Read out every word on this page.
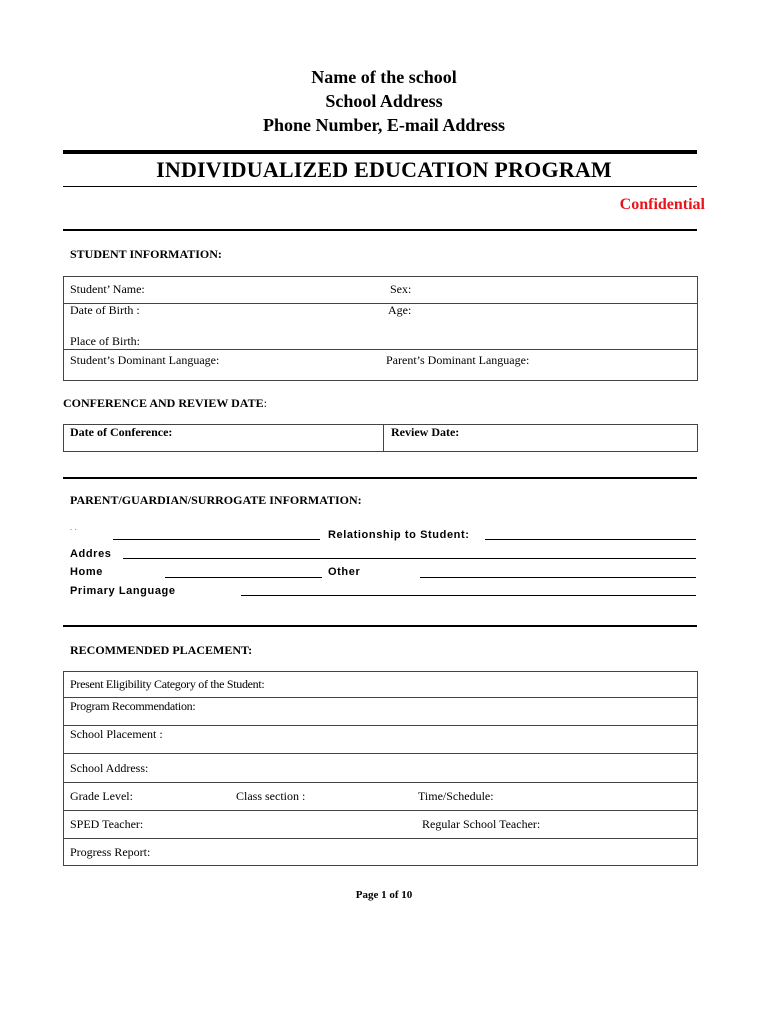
Name of the school
School Address
Phone Number, E-mail Address
INDIVIDUALIZED EDUCATION PROGRAM
Confidential
STUDENT INFORMATION:
Student’ Name:	Sex:
Date of Birth :	Age:
Place of Birth:
Student’s Dominant Language:	Parent’s Dominant Language:
CONFERENCE AND REVIEW DATE:
Date of Conference:	Review Date:
PARENT/GUARDIAN/SURROGATE INFORMATION:
. .
Relationship to Student:
Addres
Home	Other
Primary Language
RECOMMENDED PLACEMENT:
Present Eligibility Category of the Student:
Program Recommendation:
School Placement :
School Address:
Grade Level:	Class section :	Time/Schedule:
SPED Teacher:	Regular School Teacher:
Progress Report:
Page 1 of 10
